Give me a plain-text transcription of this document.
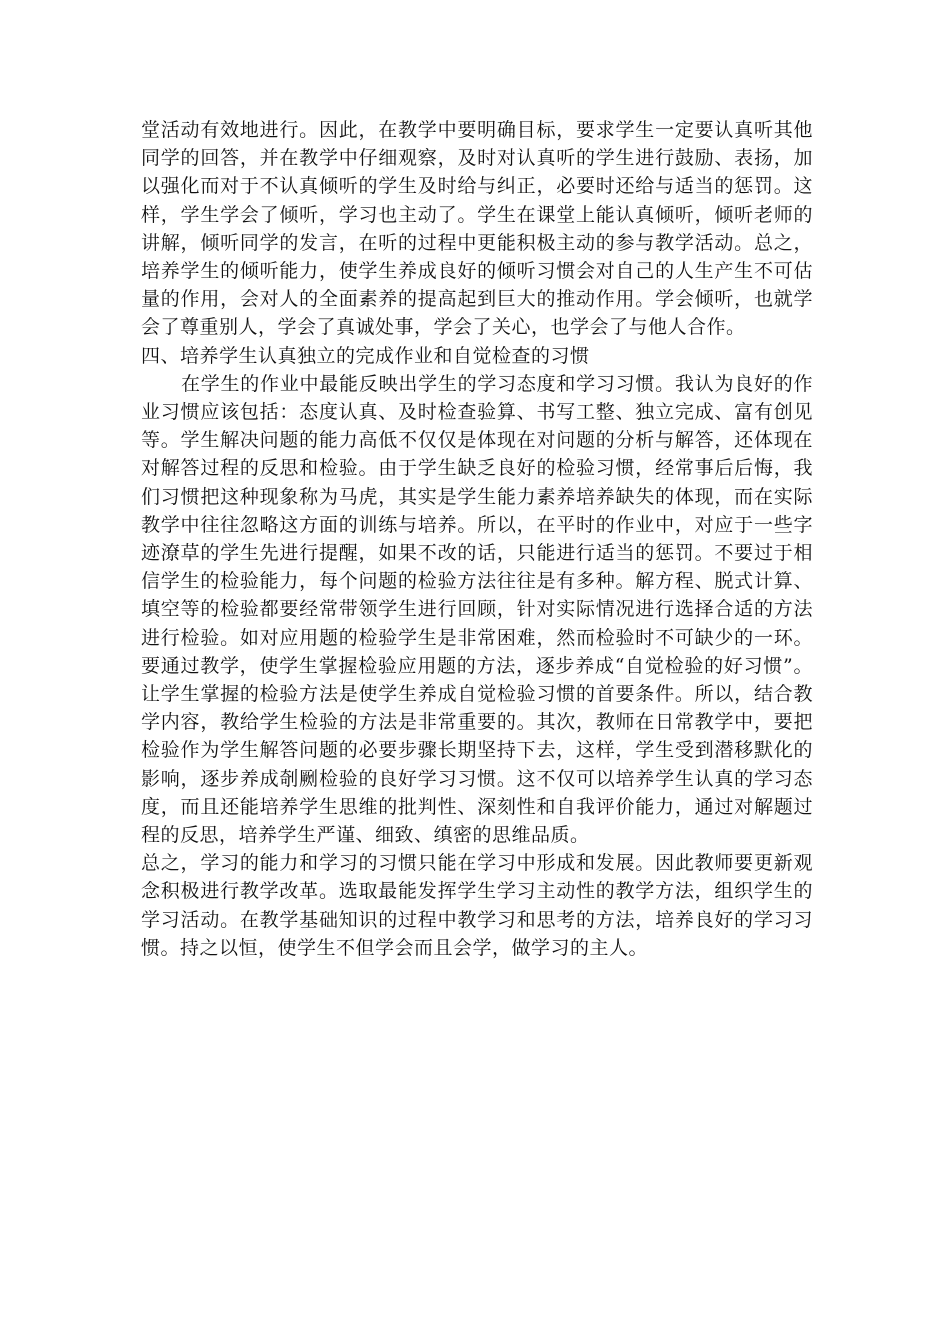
堂活动有效地进行。因此，在教学中要明确目标，要求学生一定要认真听其他同学的回答，并在教学中仔细观察，及时对认真听的学生进行鼓励、表扬，加以强化而对于不认真倾听的学生及时给与纠正，必要时还给与适当的惩罚。这样，学生学会了倾听，学习也主动了。学生在课堂上能认真倾听，倾听老师的讲解，倾听同学的发言，在听的过程中更能积极主动的参与教学活动。总之，培养学生的倾听能力，使学生养成良好的倾听习惯会对自己的人生产生不可估量的作用，会对人的全面素养的提高起到巨大的推动作用。学会倾听，也就学会了尊重别人，学会了真诚处事，学会了关心，也学会了与他人合作。

四、培养学生认真独立的完成作业和自觉检查的习惯

在学生的作业中最能反映出学生的学习态度和学习习惯。我认为良好的作业习惯应该包括：态度认真、及时检查验算、书写工整、独立完成、富有创见等。学生解决问题的能力高低不仅仅是体现在对问题的分析与解答，还体现在对解答过程的反思和检验。由于学生缺乏良好的检验习惯，经常事后后悔，我们习惯把这种现象称为马虎，其实是学生能力素养培养缺失的体现，而在实际教学中往往忽略这方面的训练与培养。所以，在平时的作业中，对应于一些字迹潦草的学生先进行提醒，如果不改的话，只能进行适当的惩罚。不要过于相信学生的检验能力，每个问题的检验方法往往是有多种。解方程、脱式计算、填空等的检验都要经常带领学生进行回顾，针对实际情况进行选择合适的方法进行检验。如对应用题的检验学生是非常困难，然而检验时不可缺少的一环。要通过教学，使学生掌握检验应用题的方法，逐步养成“自觉检验的好习惯”。让学生掌握的检验方法是使学生养成自觉检验习惯的首要条件。所以，结合教学内容，教给学生检验的方法是非常重要的。其次，教师在日常教学中，要把检验作为学生解答问题的必要步骤长期坚持下去，这样，学生受到潜移默化的影响，逐步养成剞劂检验的良好学习习惯。这不仅可以培养学生认真的学习态度，而且还能培养学生思维的批判性、深刻性和自我评价能力，通过对解题过程的反思，培养学生严谨、细致、缜密的思维品质。

总之，学习的能力和学习的习惯只能在学习中形成和发展。因此教师要更新观念积极进行教学改革。选取最能发挥学生学习主动性的教学方法，组织学生的学习活动。在教学基础知识的过程中教学习和思考的方法，培养良好的学习习惯。持之以恒，使学生不但学会而且会学，做学习的主人。
